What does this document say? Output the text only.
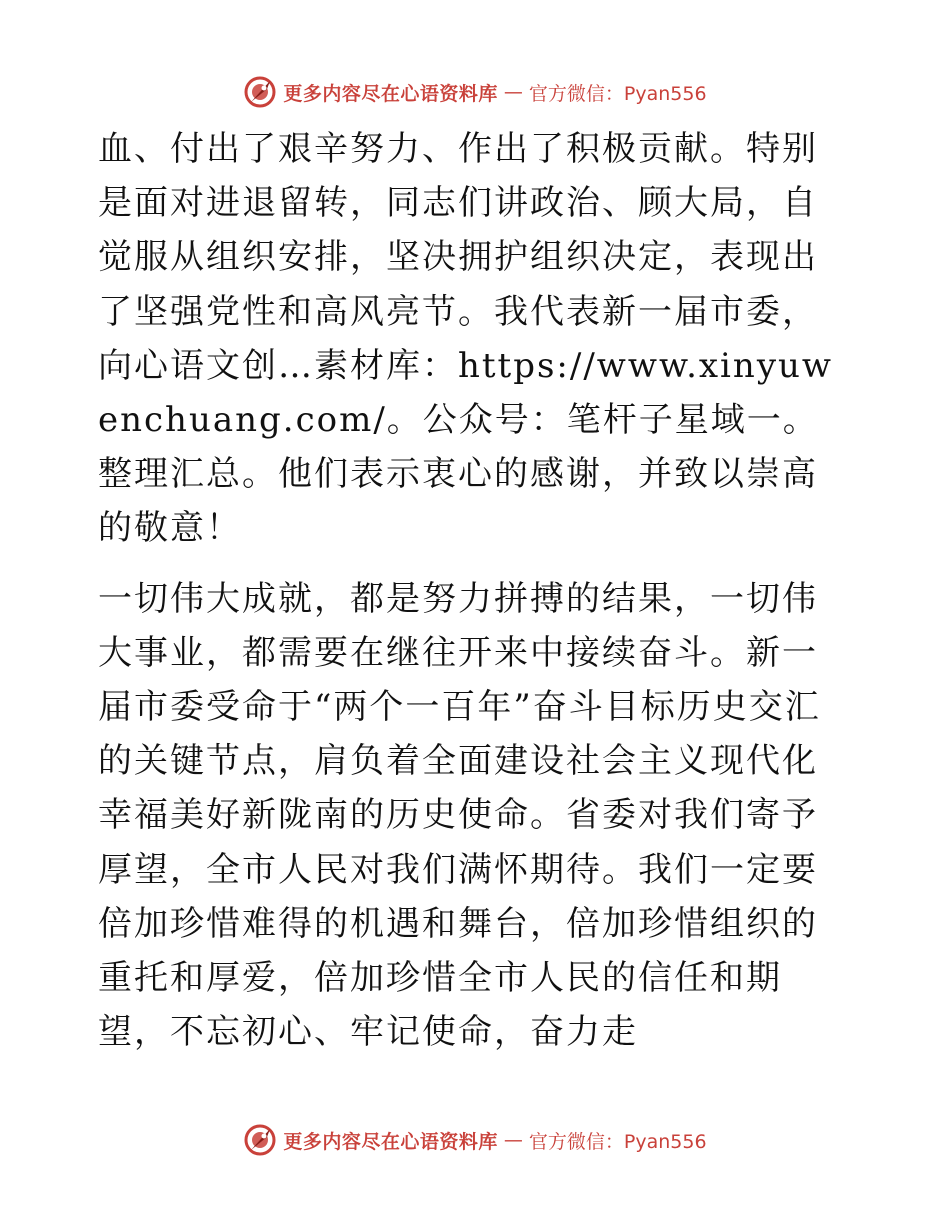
更多内容尽在心语资料库 — 官方微信：Pyan556

血、付出了艰辛努力、作出了积极贡献。特别是面对进退留转，同志们讲政治、顾大局，自觉服从组织安排，坚决拥护组织决定，表现出了坚强党性和高风亮节。我代表新一届市委，向心语文创…素材库：https://www.xinyuwenchuang.com/。公众号：笔杆子星域一。整理汇总。他们表示衷心的感谢，并致以崇高的敬意！

一切伟大成就，都是努力拼搏的结果，一切伟大事业，都需要在继往开来中接续奋斗。新一届市委受命于“两个一百年”奋斗目标历史交汇的关键节点，肩负着全面建设社会主义现代化幸福美好新陇南的历史使命。省委对我们寄予厚望，全市人民对我们满怀期待。我们一定要倍加珍惜难得的机遇和舞台，倍加珍惜组织的重托和厚爱，倍加珍惜全市人民的信任和期望，不忘初心、牢记使命，奋力走

更多内容尽在心语资料库 — 官方微信：Pyan556
